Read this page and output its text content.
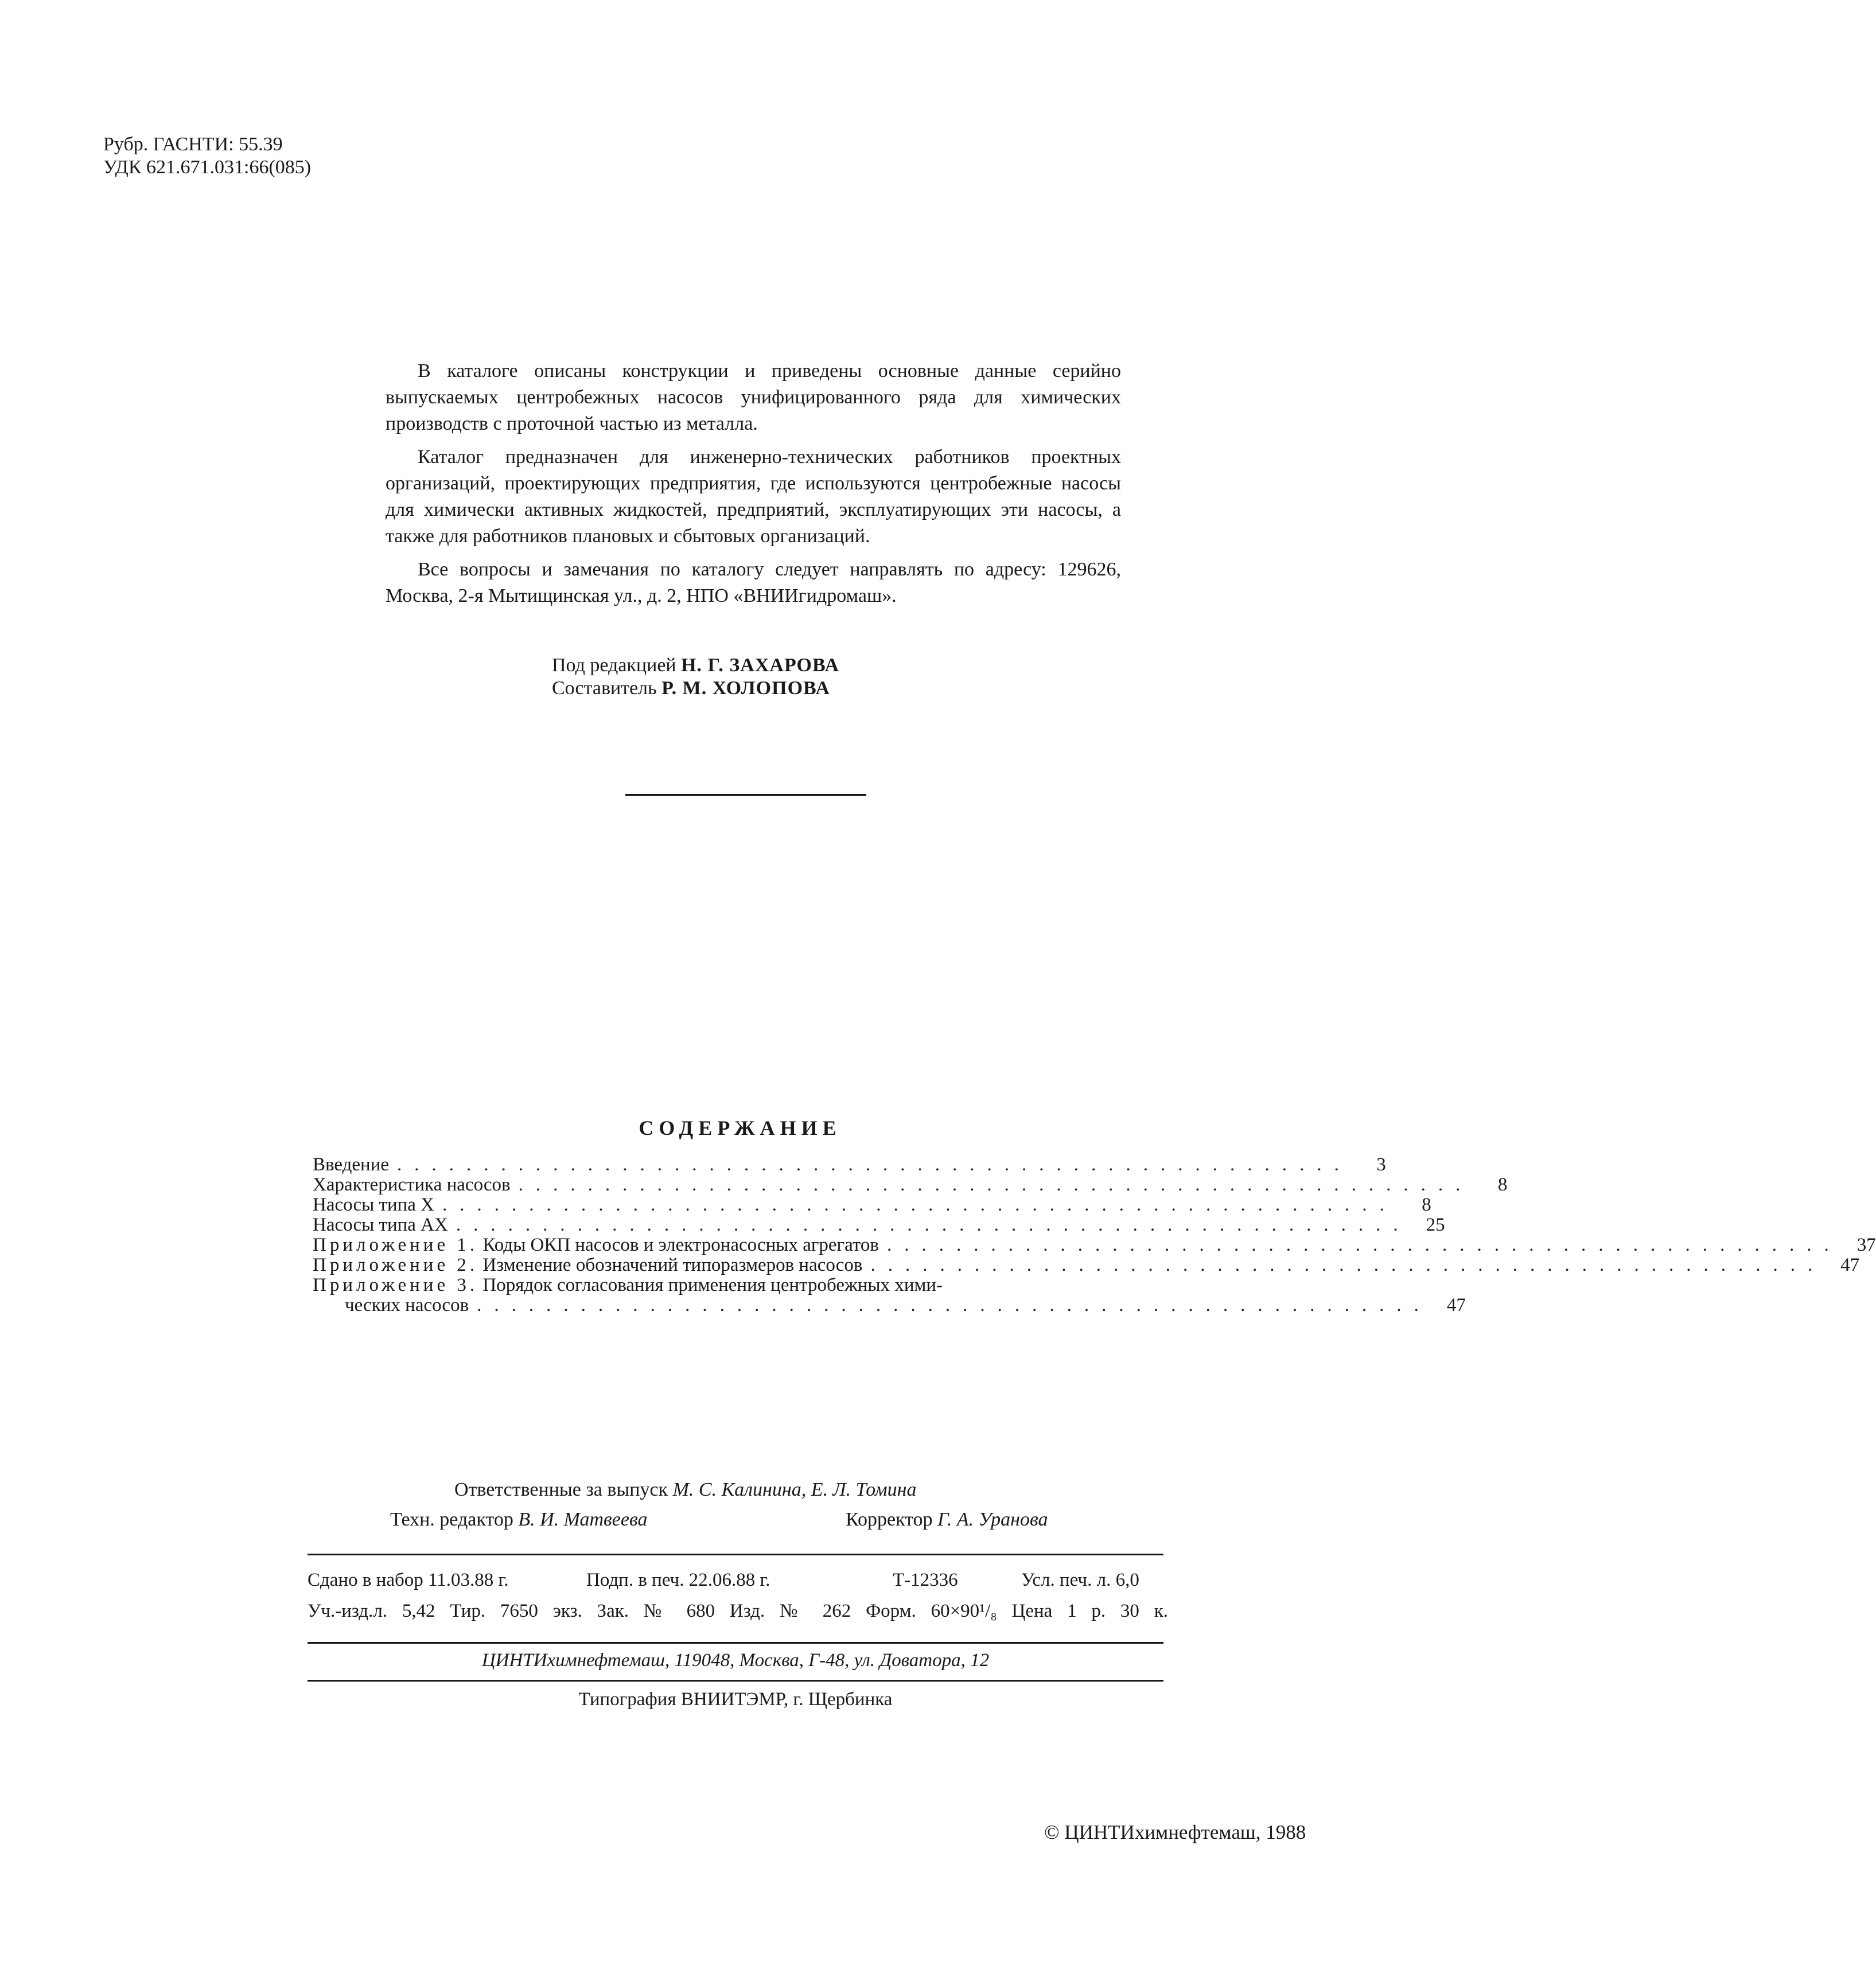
Рубр. ГАСНТИ: 55.39
УДК 621.671.031:66(085)

В каталоге описаны конструкции и приведены основные данные серийно выпускаемых центробежных насосов унифицированного ряда для химических производств с проточной частью из металла.

Каталог предназначен для инженерно-технических работников проектных организаций, проектирующих предприятия, где используются центробежные насосы для химически активных жидкостей, предприятий, эксплуатирующих эти насосы, а также для работников плановых и сбытовых организаций.

Все вопросы и замечания по каталогу следует направлять по адресу: 129626, Москва, 2-я Мытищинская ул., д. 2, НПО «ВНИИгидромаш».

Под редакцией Н. Г. ЗАХАРОВА
Составитель Р. М. ХОЛОПОВА
СОДЕРЖАНИЕ
Введение .......................................................	3
Характеристика насосов .......................................................	8
Насосы типа X .......................................................	8
Насосы типа AX ....................................................... 25
Приложение 1. Коды ОКП насосов и электронасосных агрегатов ....................................................... 37
Приложение 2. Изменение обозначений типоразмеров насосов ....................................................... 47
Приложение 3. Порядок согласования применения центробежных хими-
ческих насосов ....................................................... 47
Ответственные за выпуск М. С. Калинина, Е. Л. Томина
Техн. редактор В. И. Матвеева	Корректор Г. А. Уранова
Сдано в набор 11.03.88 г.	Подп. в печ. 22.06.88 г.	Т-12336	Усл. печ. л. 6,0
Уч.-изд.л. 5,42 Тир. 7650 экз. Зак. № 680 Изд. № 262 Форм. 60×90¹/₈ Цена 1 р. 30 к.
ЦИНТИхимнефтемаш, 119048, Москва, Г-48, ул. Доватора, 12
Типография ВНИИТЭМР, г. Щербинка
© ЦИНТИхимнефтемаш, 1988
